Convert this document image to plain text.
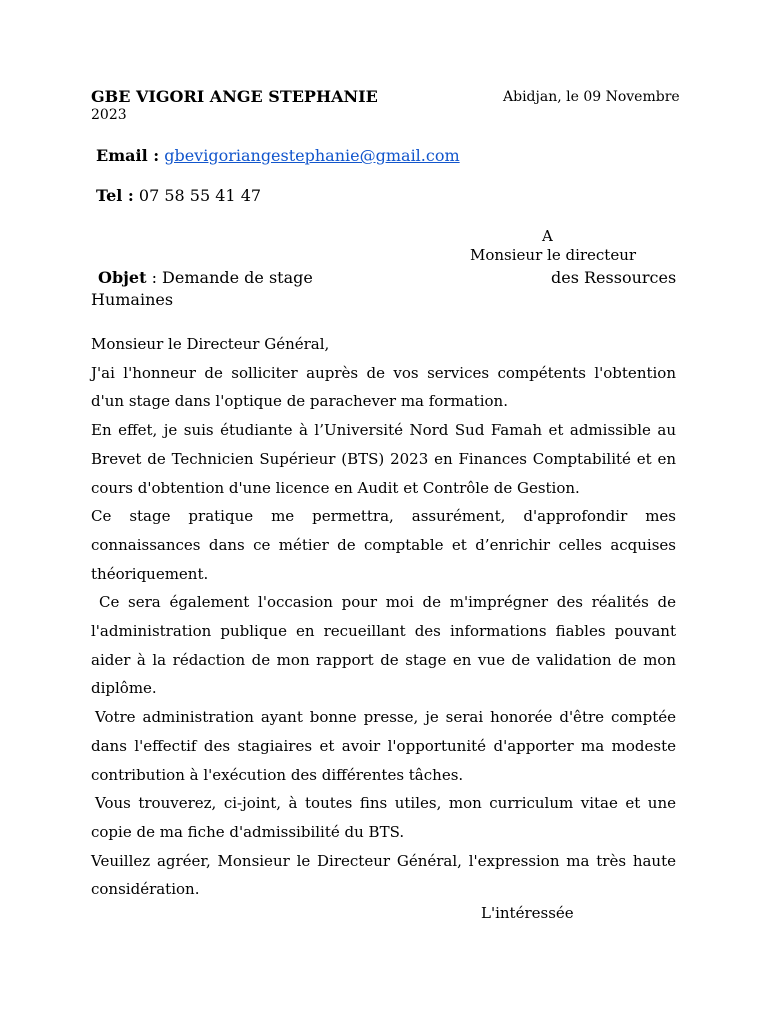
GBE VIGORI ANGE STEPHANIE	Abidjan, le 09 Novembre
2023
Email : gbevigoriangestephanie@gmail.com
Tel : 07 58 55 41 47
A
Monsieur le directeur
Objet : Demande de stage	des Ressources
Humaines

Monsieur le Directeur Général,

J'ai l'honneur de solliciter auprès de vos services compétents l'obtention d'un stage dans l'optique de parachever ma formation.

En effet, je suis étudiante à l’Université Nord Sud Famah et admissible au Brevet de Technicien Supérieur (BTS) 2023 en Finances Comptabilité et en cours d'obtention d'une licence en Audit et Contrôle de Gestion.

Ce stage pratique me permettra, assurément, d'approfondir mes connaissances dans ce métier de comptable et d’enrichir celles acquises théoriquement.

Ce sera également l'occasion pour moi de m'imprégner des réalités de l'administration publique en recueillant des informations fiables pouvant aider à la rédaction de mon rapport de stage en vue de validation de mon diplôme.

Votre administration ayant bonne presse, je serai honorée d'être comptée dans l'effectif des stagiaires et avoir l'opportunité d'apporter ma modeste contribution à l'exécution des différentes tâches.

Vous trouverez, ci-joint, à toutes fins utiles, mon curriculum vitae et une copie de ma fiche d'admissibilité du BTS.

Veuillez agréer, Monsieur le Directeur Général, l'expression ma très haute considération.

L'intéressée
